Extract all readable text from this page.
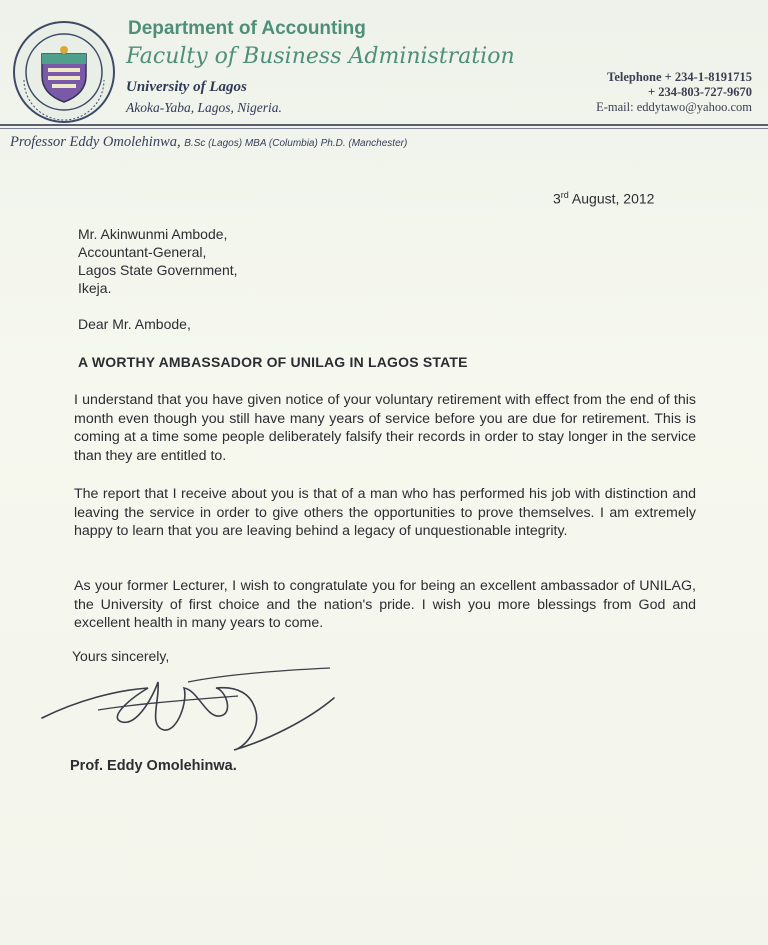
Department of Accounting
Faculty of Business Administration
University of Lagos
Akoka-Yaba, Lagos, Nigeria.
Telephone + 234-1-8191715
+ 234-803-727-9670
E-mail: eddytawo@yahoo.com
Professor Eddy Omolehinwa, B.Sc (Lagos) MBA (Columbia) Ph.D. (Manchester)
3rd August, 2012
Mr. Akinwunmi Ambode,
Accountant-General,
Lagos State Government,
Ikeja.
Dear Mr. Ambode,
A WORTHY AMBASSADOR OF UNILAG IN LAGOS STATE
I understand that you have given notice of your voluntary retirement with effect from the end of this month even though you still have many years of service before you are due for retirement. This is coming at a time some people deliberately falsify their records in order to stay longer in the service than they are entitled to.
The report that I receive about you is that of a man who has performed his job with distinction and leaving the service in order to give others the opportunities to prove themselves. I am extremely happy to learn that you are leaving behind a legacy of unquestionable integrity.
As your former Lecturer, I wish to congratulate you for being an excellent ambassador of UNILAG, the University of first choice and the nation's pride. I wish you more blessings from God and excellent health in many years to come.
Yours sincerely,
Prof. Eddy Omolehinwa.
